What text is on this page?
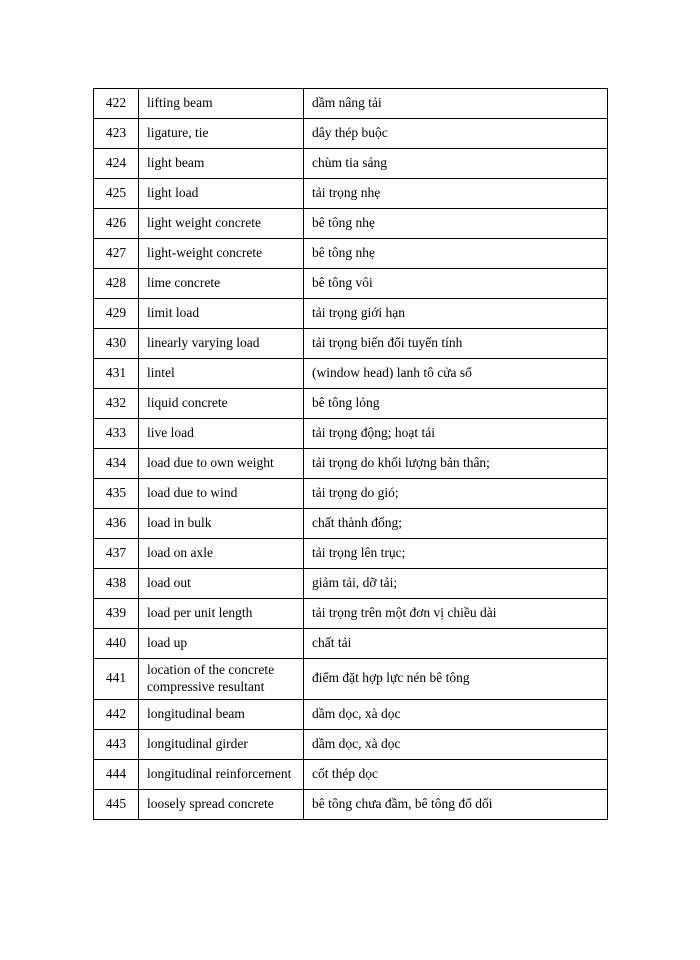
422	lifting beam	dầm nâng tải
423	ligature, tie	dây thép buộc
424	light beam	chùm tia sáng
425	light load	tải trọng nhẹ
426	light weight concrete	bê tông nhẹ
427	light-weight concrete	bê tông nhẹ
428	lime concrete	bê tông vôi
429	limit load	tải trọng giới hạn
430	linearly varying load	tải trọng biến đổi tuyến tính
431	lintel	(window head) lanh tô cửa sổ
432	liquid concrete	bê tông lỏng
433	live load	tải trọng động; hoạt tải
434	load due to own weight	tải trọng do khối lượng bản thân;
435	load due to wind	tải trọng do gió;
436	load in bulk	chất thành đống;
437	load on axle	tải trọng lên trục;
438	load out	giảm tải, dỡ tải;
439	load per unit length	tải trọng trên một đơn vị chiều dài
440	load up	chất tải
441	location of the concrete compressive resultant	điểm đặt hợp lực nén bê tông
442	longitudinal beam	dầm dọc, xà dọc
443	longitudinal girder	dầm dọc, xà dọc
444	longitudinal reinforcement	cốt thép dọc
445	loosely spread concrete	bê tông chưa đầm, bê tông đổ dối
